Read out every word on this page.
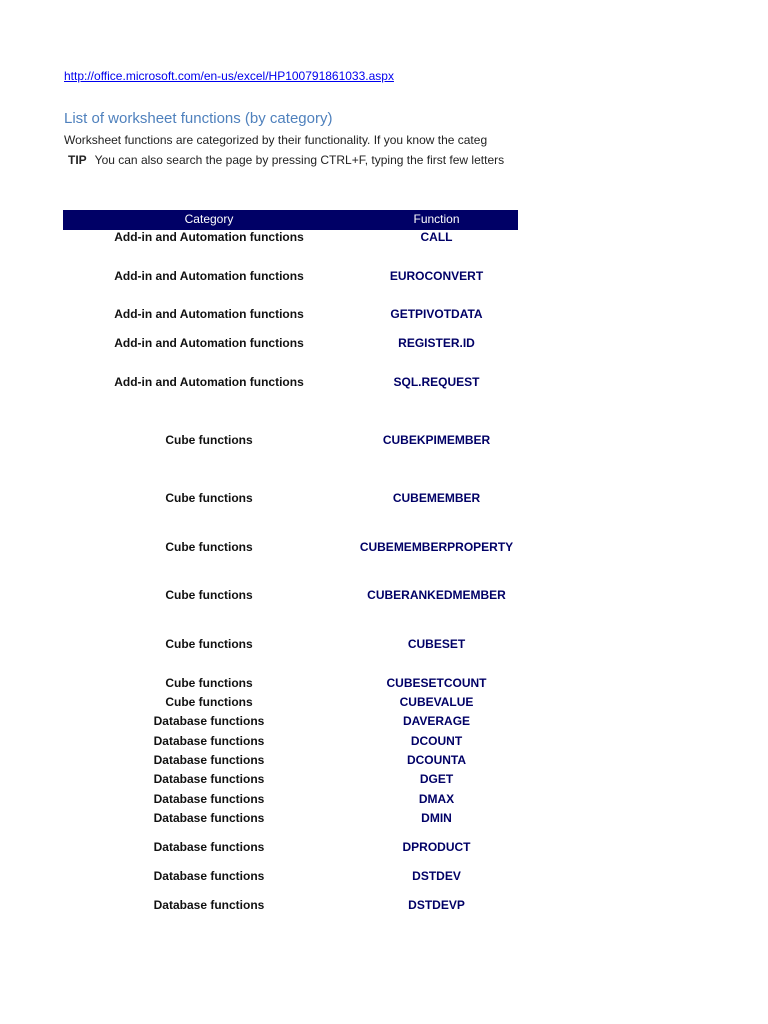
http://office.microsoft.com/en-us/excel/HP100791861033.aspx
List of worksheet functions (by category)
Worksheet functions are categorized by their functionality. If you know the categ
TIP You can also search the page by pressing CTRL+F, typing the first few letters
Category	Function
Add-in and Automation functions	CALL
Add-in and Automation functions	EUROCONVERT
Add-in and Automation functions	GETPIVOTDATA
Add-in and Automation functions	REGISTER.ID
Add-in and Automation functions	SQL.REQUEST
Cube functions	CUBEKPIMEMBER
Cube functions	CUBEMEMBER
Cube functions	CUBEMEMBERPROPERTY
Cube functions	CUBERANKEDMEMBER
Cube functions	CUBESET
Cube functions	CUBESETCOUNT
Cube functions	CUBEVALUE
Database functions	DAVERAGE
Database functions	DCOUNT
Database functions	DCOUNTA
Database functions	DGET
Database functions	DMAX
Database functions	DMIN
Database functions	DPRODUCT
Database functions	DSTDEV
Database functions	DSTDEVP
